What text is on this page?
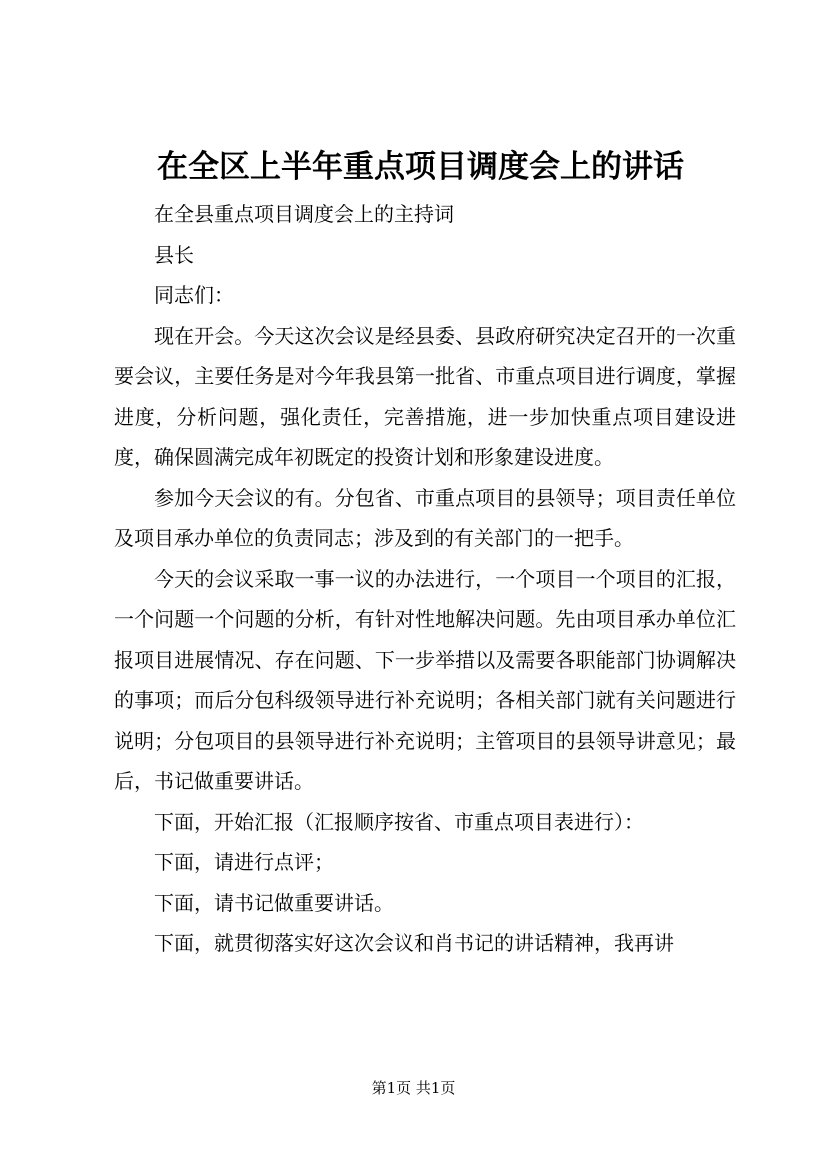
在全区上半年重点项目调度会上的讲话

在全县重点项目调度会上的主持词

县长

同志们：

现在开会。今天这次会议是经县委、县政府研究决定召开的一次重要会议，主要任务是对今年我县第一批省、市重点项目进行调度，掌握进度，分析问题，强化责任，完善措施，进一步加快重点项目建设进度，确保圆满完成年初既定的投资计划和形象建设进度。

参加今天会议的有。分包省、市重点项目的县领导；项目责任单位及项目承办单位的负责同志；涉及到的有关部门的一把手。

今天的会议采取一事一议的办法进行，一个项目一个项目的汇报，一个问题一个问题的分析，有针对性地解决问题。先由项目承办单位汇报项目进展情况、存在问题、下一步举措以及需要各职能部门协调解决的事项；而后分包科级领导进行补充说明；各相关部门就有关问题进行说明；分包项目的县领导进行补充说明；主管项目的县领导讲意见；最后，书记做重要讲话。

下面，开始汇报（汇报顺序按省、市重点项目表进行）：

下面，请进行点评；

下面，请书记做重要讲话。

下面，就贯彻落实好这次会议和肖书记的讲话精神，我再讲

第1页 共1页
